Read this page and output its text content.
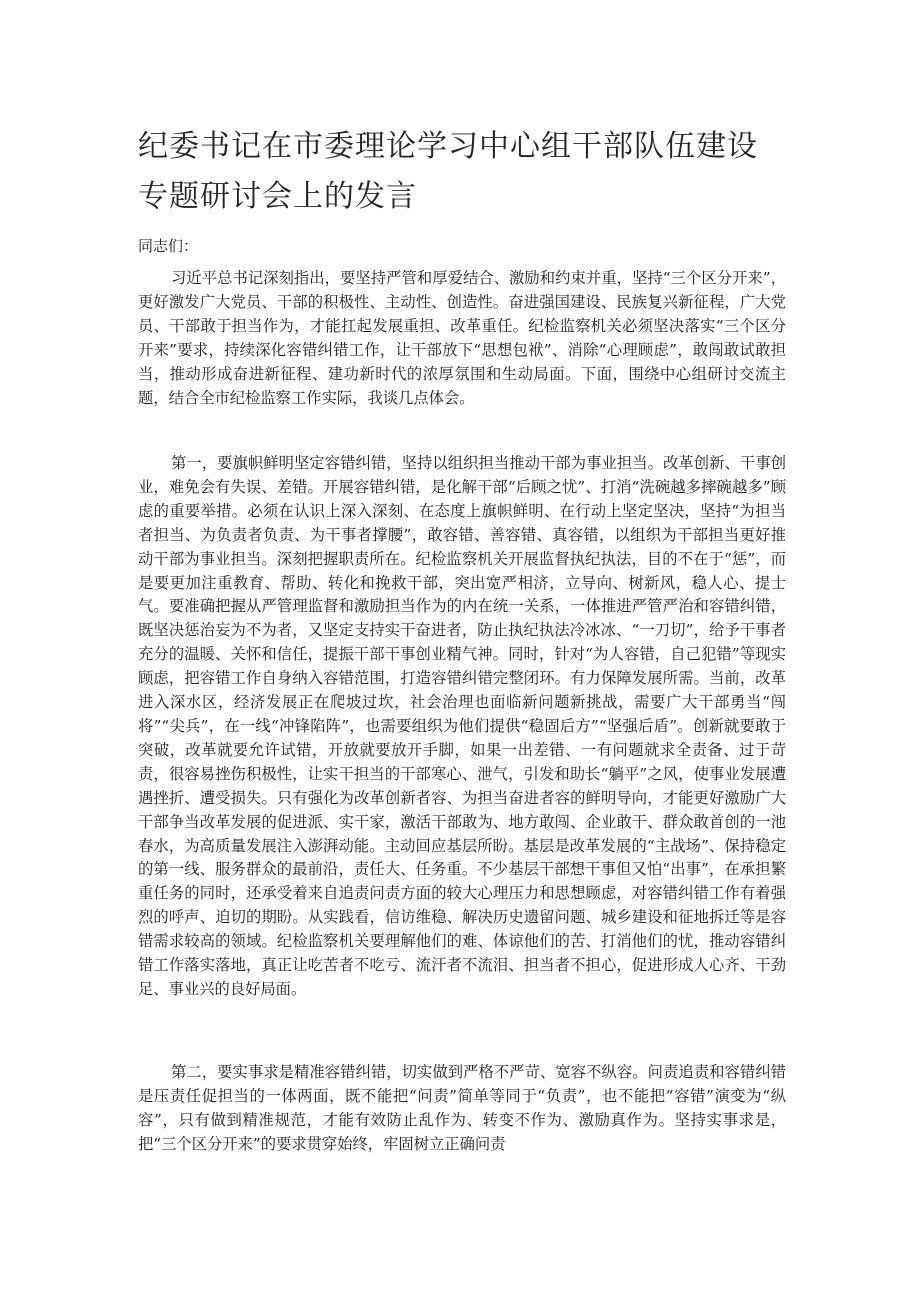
纪委书记在市委理论学习中心组干部队伍建设专题研讨会上的发言

同志们：

习近平总书记深刻指出，要坚持严管和厚爱结合、激励和约束并重，坚持“三个区分开来”，更好激发广大党员、干部的积极性、主动性、创造性。奋进强国建设、民族复兴新征程，广大党员、干部敢于担当作为，才能扛起发展重担、改革重任。纪检监察机关必须坚决落实“三个区分开来”要求，持续深化容错纠错工作，让干部放下“思想包袱”、消除“心理顾虑”，敢闯敢试敢担当，推动形成奋进新征程、建功新时代的浓厚氛围和生动局面。下面，围绕中心组研讨交流主题，结合全市纪检监察工作实际，我谈几点体会。

第一，要旗帜鲜明坚定容错纠错，坚持以组织担当推动干部为事业担当。改革创新、干事创业，难免会有失误、差错。开展容错纠错，是化解干部“后顾之忧”、打消“洗碗越多摔碗越多”顾虑的重要举措。必须在认识上深入深刻、在态度上旗帜鲜明、在行动上坚定坚决，坚持“为担当者担当、为负责者负责、为干事者撑腰”，敢容错、善容错、真容错，以组织为干部担当更好推动干部为事业担当。深刻把握职责所在。纪检监察机关开展监督执纪执法，目的不在于“惩”，而是要更加注重教育、帮助、转化和挽救干部，突出宽严相济，立导向、树新风，稳人心、提士气。要准确把握从严管理监督和激励担当作为的内在统一关系，一体推进严管严治和容错纠错，既坚决惩治妄为不为者，又坚定支持实干奋进者，防止执纪执法冷冰冰、“一刀切”，给予干事者充分的温暖、关怀和信任，提振干部干事创业精气神。同时，针对“为人容错，自己犯错”等现实顾虑，把容错工作自身纳入容错范围，打造容错纠错完整闭环。有力保障发展所需。当前，改革进入深水区，经济发展正在爬坡过坎，社会治理也面临新问题新挑战，需要广大干部勇当“闯将”“尖兵”，在一线“冲锋陷阵”，也需要组织为他们提供“稳固后方”“坚强后盾”。创新就要敢于突破，改革就要允许试错，开放就要放开手脚，如果一出差错、一有问题就求全责备、过于苛责，很容易挫伤积极性，让实干担当的干部寒心、泄气，引发和助长“躺平”之风，使事业发展遭遇挫折、遭受损失。只有强化为改革创新者容、为担当奋进者容的鲜明导向，才能更好激励广大干部争当改革发展的促进派、实干家，激活干部敢为、地方敢闯、企业敢干、群众敢首创的一池春水，为高质量发展注入澎湃动能。主动回应基层所盼。基层是改革发展的“主战场”、保持稳定的第一线、服务群众的最前沿，责任大、任务重。不少基层干部想干事但又怕“出事”，在承担繁重任务的同时，还承受着来自追责问责方面的较大心理压力和思想顾虑，对容错纠错工作有着强烈的呼声、迫切的期盼。从实践看，信访维稳、解决历史遗留问题、城乡建设和征地拆迁等是容错需求较高的领域。纪检监察机关要理解他们的难、体谅他们的苦、打消他们的忧，推动容错纠错工作落实落地，真正让吃苦者不吃亏、流汗者不流泪、担当者不担心，促进形成人心齐、干劲足、事业兴的良好局面。

第二，要实事求是精准容错纠错，切实做到严格不严苛、宽容不纵容。问责追责和容错纠错是压责任促担当的一体两面，既不能把“问责”简单等同于“负责”，也不能把“容错”演变为“纵容”，只有做到精准规范，才能有效防止乱作为、转变不作为、激励真作为。坚持实事求是，把“三个区分开来”的要求贯穿始终，牢固树立正确问责
